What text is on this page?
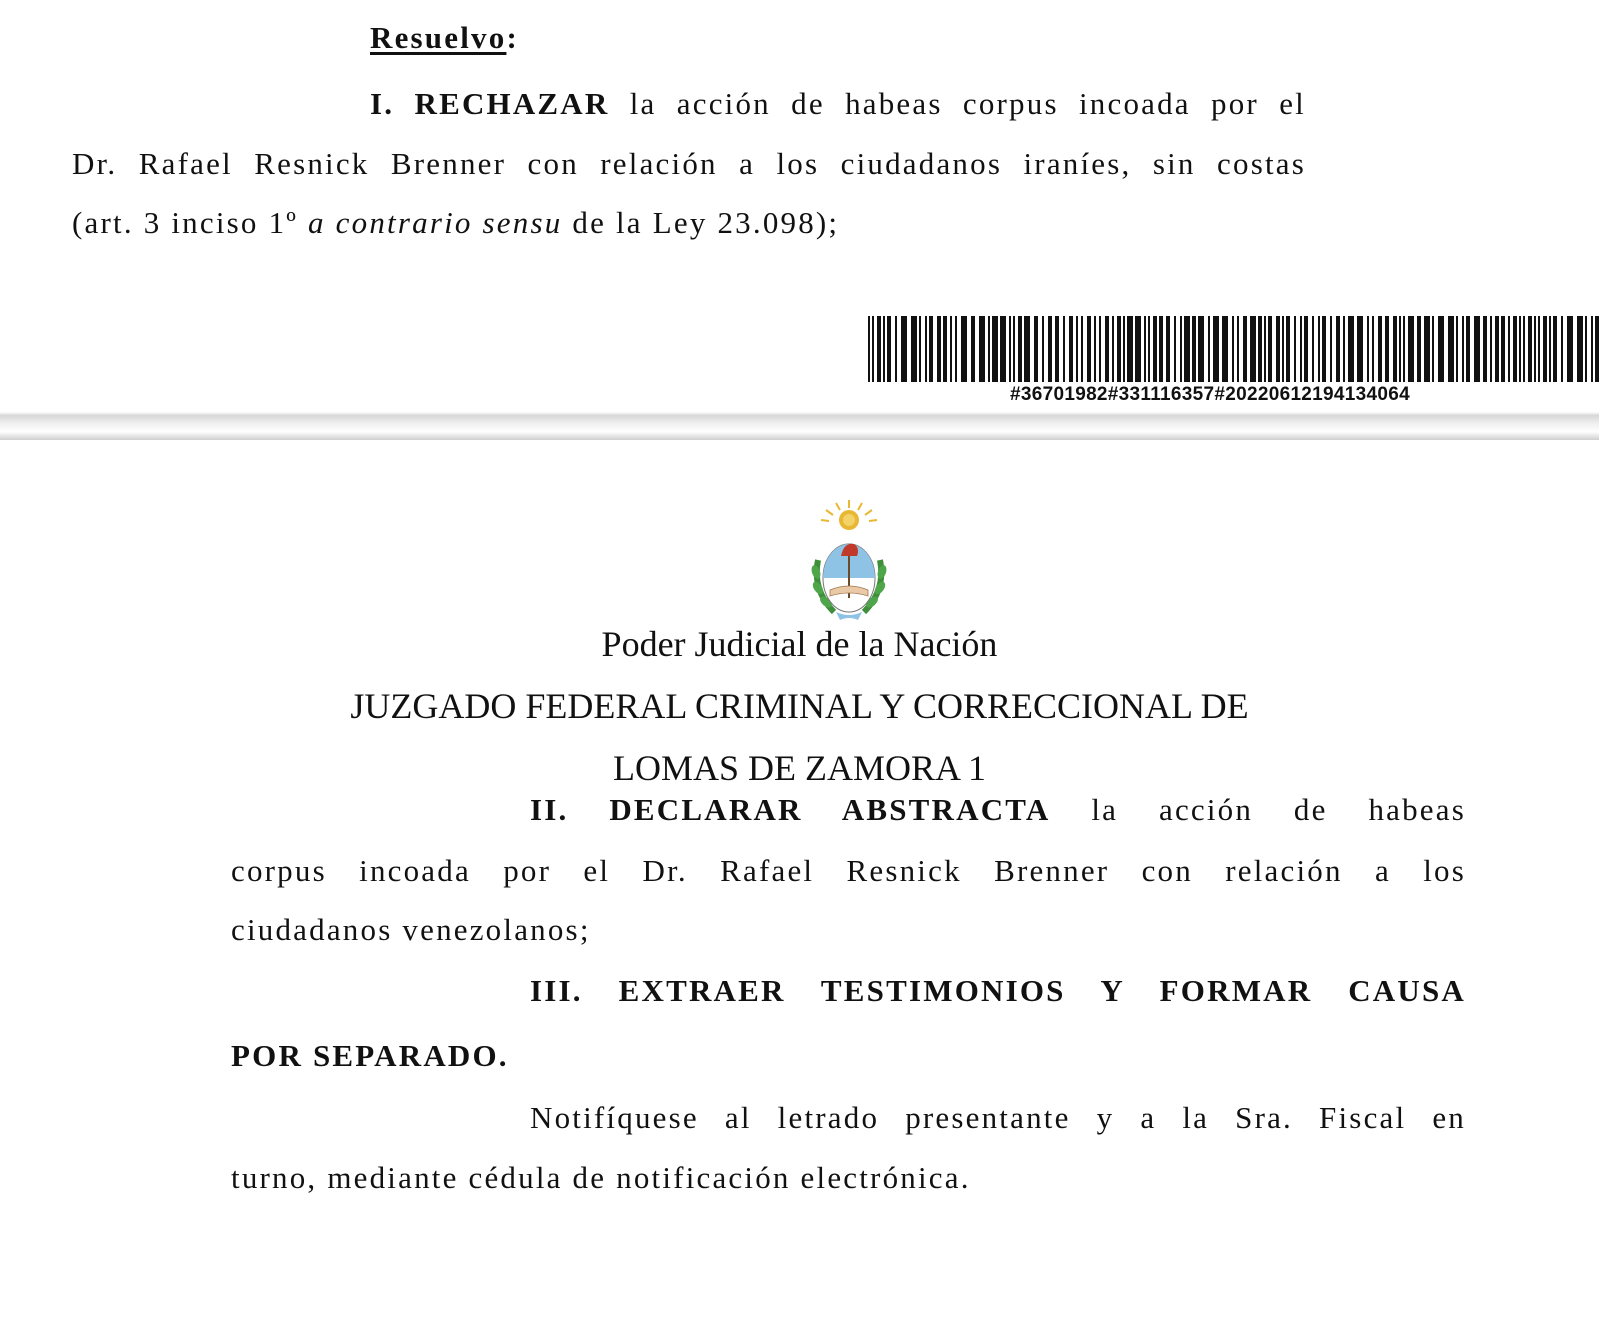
Resuelvo:

I. RECHAZAR la acción de habeas corpus incoada por el

Dr. Rafael Resnick Brenner con relación a los ciudadanos iraníes, sin costas

(art. 3 inciso 1º a contrario sensu de la Ley 23.098);

#36701982#331116357#20220612194134064

Poder Judicial de la Nación

JUZGADO FEDERAL CRIMINAL Y CORRECCIONAL DE

LOMAS DE ZAMORA 1

II. DECLARAR ABSTRACTA la acción de habeas

corpus incoada por el Dr. Rafael Resnick Brenner con relación a los

ciudadanos venezolanos;

III. EXTRAER TESTIMONIOS Y FORMAR CAUSA

POR SEPARADO.

Notifíquese al letrado presentante y a la Sra. Fiscal en

turno, mediante cédula de notificación electrónica.
